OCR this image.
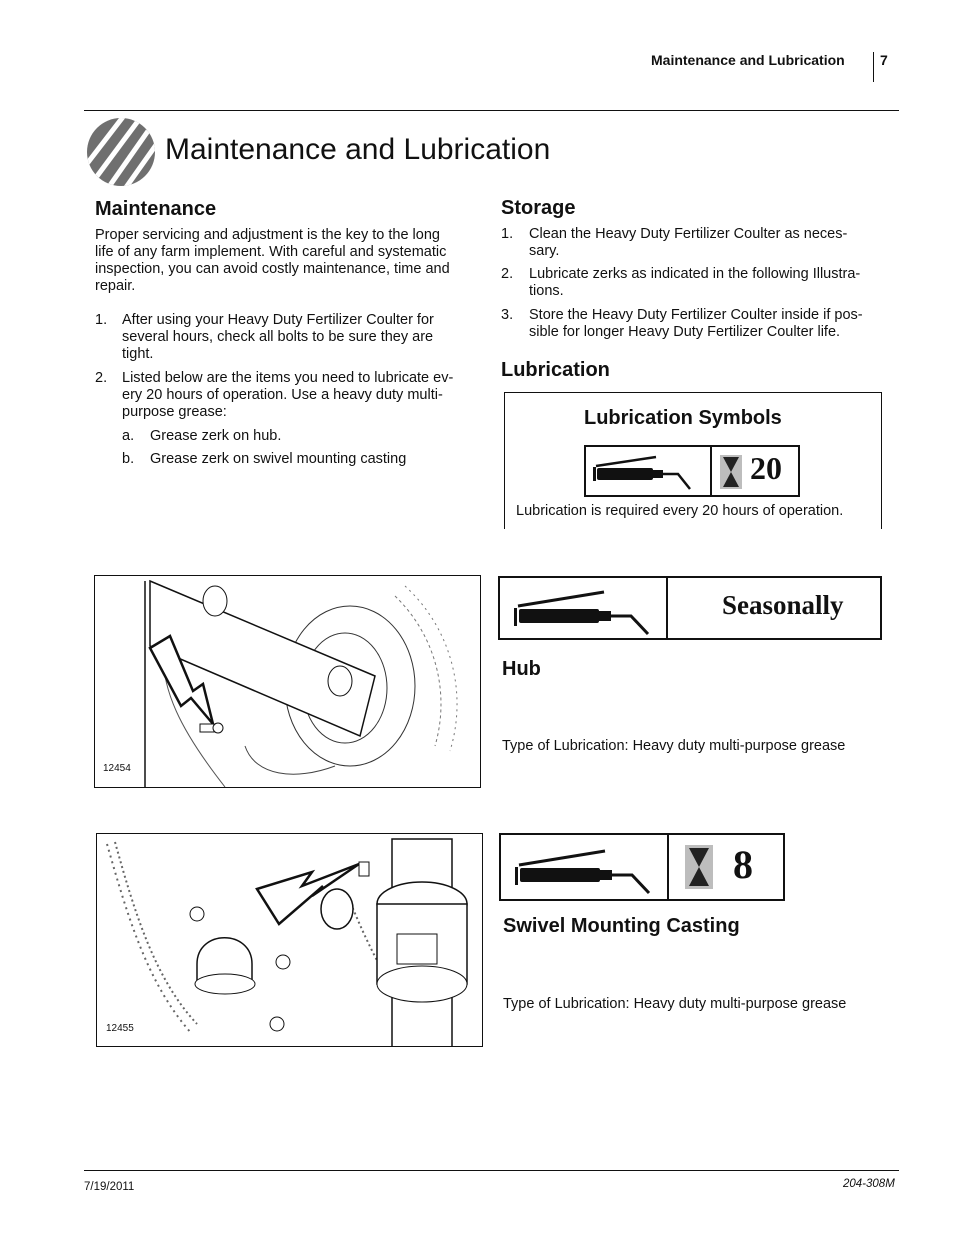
Maintenance and Lubrication	7
Maintenance and Lubrication
Maintenance
Proper servicing and adjustment is the key to the long
life of any farm implement. With careful and systematic
inspection, you can avoid costly maintenance, time and
repair.
1. After using your Heavy Duty Fertilizer Coulter for
several hours, check all bolts to be sure they are
tight.
2. Listed below are the items you need to lubricate ev-
ery 20 hours of operation. Use a heavy duty multi-
purpose grease:
a. Grease zerk on hub.
b. Grease zerk on swivel mounting casting
Storage
1. Clean the Heavy Duty Fertilizer Coulter as neces-
sary.
2. Lubricate zerks as indicated in the following Illustra-
tions.
3. Store the Heavy Duty Fertilizer Coulter inside if pos-
sible for longer Heavy Duty Fertilizer Coulter life.
Lubrication
Lubrication Symbols
20
Lubrication is required every 20 hours of operation.
12454
Seasonally
Hub
Type of Lubrication: Heavy duty multi-purpose grease
12455
8
Swivel Mounting Casting
Type of Lubrication: Heavy duty multi-purpose grease
7/19/2011	204-308M
